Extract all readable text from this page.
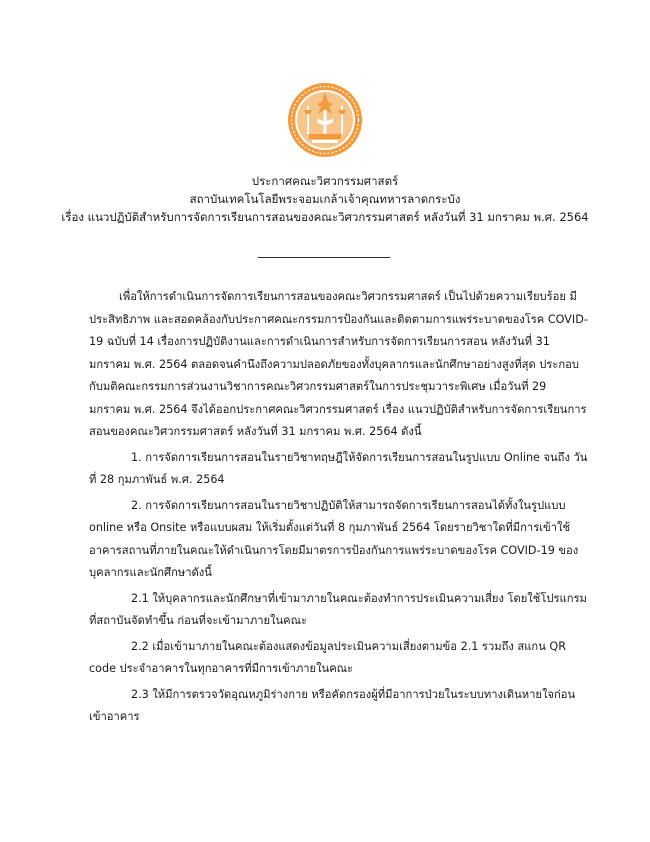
ประกาศคณะวิศวกรรมศาสตร์
สถาบันเทคโนโลยีพระจอมเกล้าเจ้าคุณทหารลาดกระบัง
เรื่อง แนวปฏิบัติสำหรับการจัดการเรียนการสอนของคณะวิศวกรรมศาสตร์ หลังวันที่ 31 มกราคม พ.ศ. 2564

เพื่อให้การดำเนินการจัดการเรียนการสอนของคณะวิศวกรรมศาสตร์ เป็นไปด้วยความเรียบร้อย มีประสิทธิภาพ และสอดคล้องกับประกาศคณะกรรมการป้องกันและติดตามการแพร่ระบาดของโรค COVID-19 ฉบับที่ 14 เรื่องการปฏิบัติงานและการดำเนินการสำหรับการจัดการเรียนการสอน หลังวันที่ 31 มกราคม พ.ศ. 2564 ตลอดจนคำนึงถึงความปลอดภัยของทั้งบุคลากรและนักศึกษาอย่างสูงที่สุด ประกอบกับมติคณะกรรมการส่วนงานวิชาการคณะวิศวกรรมศาสตร์ในการประชุมวาระพิเศษ เมื่อวันที่ 29 มกราคม พ.ศ. 2564 จึงได้ออกประกาศคณะวิศวกรรมศาสตร์ เรื่อง แนวปฏิบัติสำหรับการจัดการเรียนการสอนของคณะวิศวกรรมศาสตร์ หลังวันที่ 31 มกราคม พ.ศ. 2564 ดังนี้

1. การจัดการเรียนการสอนในรายวิชาทฤษฎีให้จัดการเรียนการสอนในรูปแบบ Online จนถึง วันที่ 28 กุมภาพันธ์ พ.ศ. 2564

2. การจัดการเรียนการสอนในรายวิชาปฏิบัติให้สามารถจัดการเรียนการสอนได้ทั้งในรูปแบบ online หรือ Onsite หรือแบบผสม ให้เริ่มตั้งแต่วันที่ 8 กุมภาพันธ์ 2564 โดยรายวิชาใดที่มีการเข้าใช้อาคารสถานที่ภายในคณะให้ดำเนินการโดยมีมาตรการป้องกันการแพร่ระบาดของโรค COVID-19 ของบุคลากรและนักศึกษาดังนี้

2.1 ให้บุคลากรและนักศึกษาที่เข้ามาภายในคณะต้องทำการประเมินความเสี่ยง โดยใช้โปรแกรมที่สถาบันจัดทำขึ้น ก่อนที่จะเข้ามาภายในคณะ

2.2 เมื่อเข้ามาภายในคณะต้องแสดงข้อมูลประเมินความเสี่ยงตามข้อ 2.1 รวมถึง สแกน QR code ประจำอาคารในทุกอาคารที่มีการเข้าภายในคณะ

2.3 ให้มีการตรวจวัดอุณหภูมิร่างกาย หรือคัดกรองผู้ที่มีอาการป่วยในระบบทางเดินหายใจก่อนเข้าอาคาร
